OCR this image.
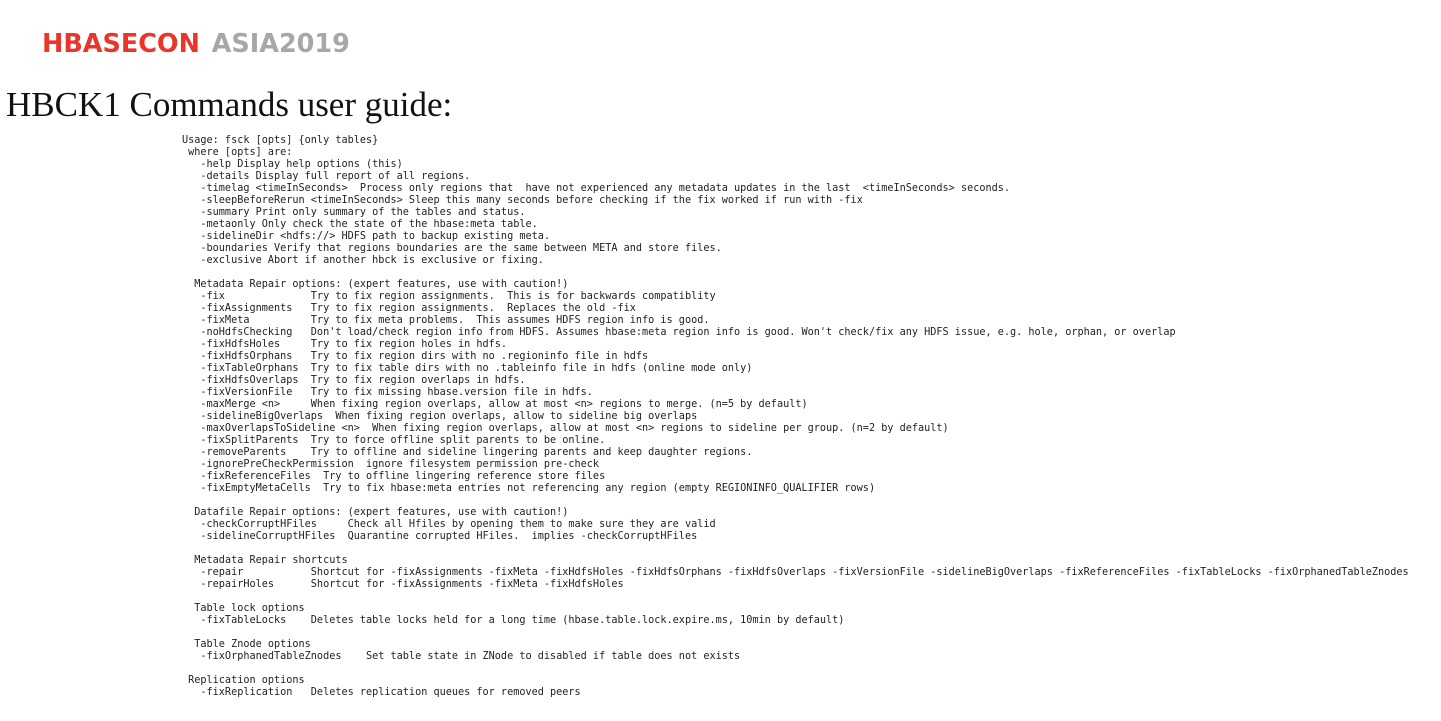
HBASECON ASIA2019
HBCK1 Commands user guide:
Usage: fsck [opts] {only tables}
where [opts] are:
-help Display help options (this)
-details Display full report of all regions.
-timelag <timeInSeconds>  Process only regions that  have not experienced any metadata updates in the last  <timeInSeconds> seconds.
-sleepBeforeRerun <timeInSeconds> Sleep this many seconds before checking if the fix worked if run with -fix
-summary Print only summary of the tables and status.
-metaonly Only check the state of the hbase:meta table.
-sidelineDir <hdfs://> HDFS path to backup existing meta.
-boundaries Verify that regions boundaries are the same between META and store files.
-exclusive Abort if another hbck is exclusive or fixing.
Metadata Repair options: (expert features, use with caution!)
-fix              Try to fix region assignments.  This is for backwards compatiblity
-fixAssignments   Try to fix region assignments.  Replaces the old -fix
-fixMeta          Try to fix meta problems.  This assumes HDFS region info is good.
-noHdfsChecking   Don't load/check region info from HDFS. Assumes hbase:meta region info is good. Won't check/fix any HDFS issue, e.g. hole, orphan, or overlap
-fixHdfsHoles     Try to fix region holes in hdfs.
-fixHdfsOrphans   Try to fix region dirs with no .regioninfo file in hdfs
-fixTableOrphans  Try to fix table dirs with no .tableinfo file in hdfs (online mode only)
-fixHdfsOverlaps  Try to fix region overlaps in hdfs.
-fixVersionFile   Try to fix missing hbase.version file in hdfs.
-maxMerge <n>     When fixing region overlaps, allow at most <n> regions to merge. (n=5 by default)
-sidelineBigOverlaps  When fixing region overlaps, allow to sideline big overlaps
-maxOverlapsToSideline <n>  When fixing region overlaps, allow at most <n> regions to sideline per group. (n=2 by default)
-fixSplitParents  Try to force offline split parents to be online.
-removeParents    Try to offline and sideline lingering parents and keep daughter regions.
-ignorePreCheckPermission  ignore filesystem permission pre-check
-fixReferenceFiles  Try to offline lingering reference store files
-fixEmptyMetaCells  Try to fix hbase:meta entries not referencing any region (empty REGIONINFO_QUALIFIER rows)
Datafile Repair options: (expert features, use with caution!)
-checkCorruptHFiles     Check all Hfiles by opening them to make sure they are valid
-sidelineCorruptHFiles  Quarantine corrupted HFiles.  implies -checkCorruptHFiles
Metadata Repair shortcuts
-repair           Shortcut for -fixAssignments -fixMeta -fixHdfsHoles -fixHdfsOrphans -fixHdfsOverlaps -fixVersionFile -sidelineBigOverlaps -fixReferenceFiles -fixTableLocks -fixOrphanedTableZnodes
-repairHoles      Shortcut for -fixAssignments -fixMeta -fixHdfsHoles
Table lock options
-fixTableLocks    Deletes table locks held for a long time (hbase.table.lock.expire.ms, 10min by default)
Table Znode options
-fixOrphanedTableZnodes    Set table state in ZNode to disabled if table does not exists
Replication options
-fixReplication   Deletes replication queues for removed peers
